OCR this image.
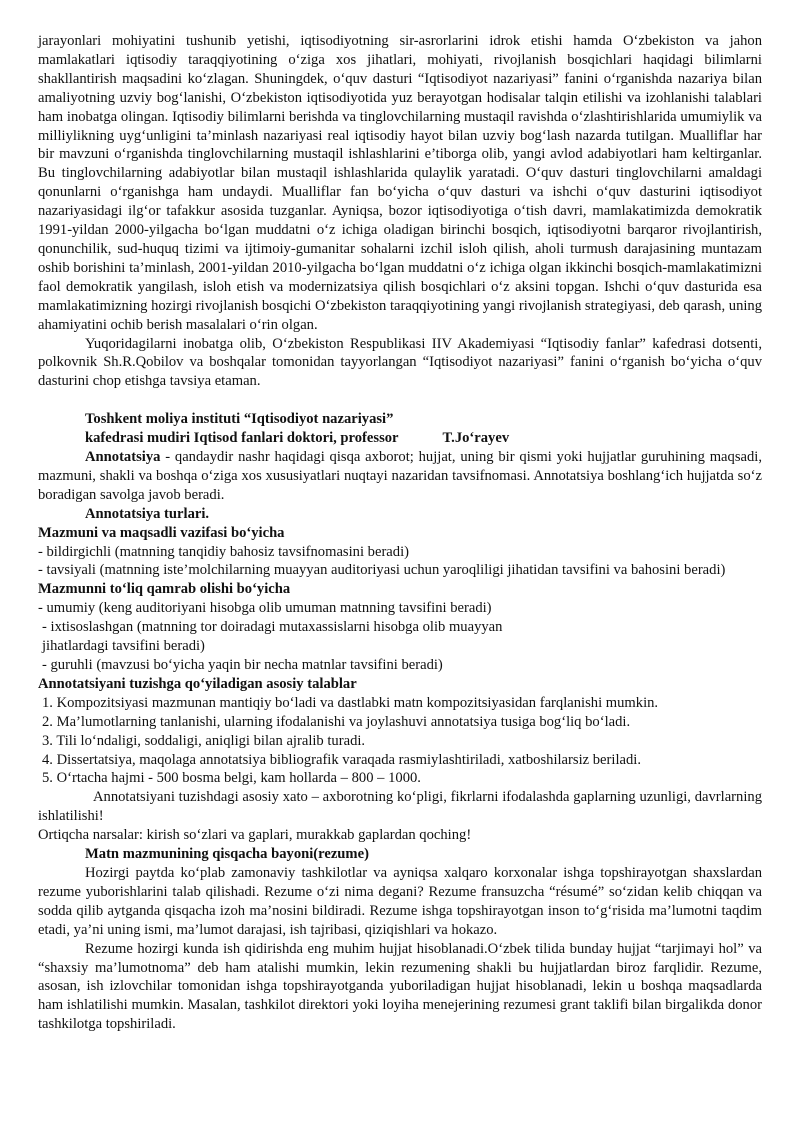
jarayonlari mohiyatini tushunib yetishi, iqtisodiyotning sir-asrorlarini idrok etishi hamda O‘zbekiston va jahon mamlakatlari iqtisodiy taraqqiyotining o‘ziga xos jihatlari, mohiyati, rivojlanish bosqichlari haqidagi bilimlarni shakllantirish maqsadini ko‘zlagan. Shuningdek, o‘quv dasturi “Iqtisodiyot nazariyasi” fanini o‘rganishda nazariya bilan amaliyotning uzviy bog‘lanishi, O‘zbekiston iqtisodiyotida yuz berayotgan hodisalar talqin etilishi va izohlanishi talablari ham inobatga olingan. Iqtisodiy bilimlarni berishda va tinglovchilarning mustaqil ravishda o‘zlashtirishlarida umumiylik va milliylikning uyg‘unligini ta’minlash nazariyasi real iqtisodiy hayot bilan uzviy bog‘lash nazarda tutilgan. Mualliflar har bir mavzuni o‘rganishda tinglovchilarning mustaqil ishlashlarini e’tiborga olib, yangi avlod adabiyotlari ham keltirganlar. Bu tinglovchilarning adabiyotlar bilan mustaqil ishlashlarida qulaylik yaratadi. O‘quv dasturi tinglovchilarni amaldagi qonunlarni o‘rganishga ham undaydi. Mualliflar fan bo‘yicha o‘quv dasturi va ishchi o‘quv dasturini iqtisodiyot nazariyasidagi ilg‘or tafakkur asosida tuzganlar. Ayniqsa, bozor iqtisodiyotiga o‘tish davri, mamlakatimizda demokratik 1991-yildan 2000-yilgacha bo‘lgan muddatni o‘z ichiga oladigan birinchi bosqich, iqtisodiyotni barqaror rivojlantirish, qonunchilik, sud-huquq tizimi va ijtimoiy-gumanitar sohalarni izchil isloh qilish, aholi turmush darajasining muntazam oshib borishini ta’minlash, 2001-yildan 2010-yilgacha bo‘lgan muddatni o‘z ichiga olgan ikkinchi bosqich-mamlakatimizni faol demokratik yangilash, isloh etish va modernizatsiya qilish bosqichlari o‘z aksini topgan. Ishchi o‘quv dasturida esa mamlakatimizning hozirgi rivojlanish bosqichi O‘zbekiston taraqqiyotining yangi rivojlanish strategiyasi, deb qarash, uning ahamiyatini ochib berish masalalari o‘rin olgan.

Yuqoridagilarni inobatga olib, O‘zbekiston Respublikasi IIV Akademiyasi “Iqtisodiy fanlar” kafedrasi dotsenti, polkovnik Sh.R.Qobilov va boshqalar tomonidan tayyorlangan “Iqtisodiyot nazariyasi” fanini o‘rganish bo‘yicha o‘quv dasturini chop etishga tavsiya etaman.

Toshkent moliya instituti “Iqtisodiyot nazariyasi”

kafedrasi mudiri Iqtisod fanlari doktori, professor	T.Jo‘rayev

Annotatsiya - qandaydir nashr haqidagi qisqa axborot; hujjat, uning bir qismi yoki hujjatlar guruhining maqsadi, mazmuni, shakli va boshqa o‘ziga xos xususiyatlari nuqtayi nazaridan tavsifnomasi. Annotatsiya boshlang‘ich hujjatda so‘z boradigan savolga javob beradi.

Annotatsiya turlari.

Mazmuni va maqsadli vazifasi bo‘yicha

- bildirgichli (matnning tanqidiy bahosiz tavsifnomasini beradi)

- tavsiyali (matnning iste’molchilarning muayyan auditoriyasi uchun yaroqliligi jihatidan tavsifini va bahosini beradi)

Mazmunni to‘liq qamrab olishi bo‘yicha

- umumiy (keng auditoriyani hisobga olib umuman matnning tavsifini beradi)

- ixtisoslashgan (matnning tor doiradagi mutaxassislarni hisobga olib muayyan

jihatlardagi tavsifini beradi)

- guruhli (mavzusi bo‘yicha yaqin bir necha matnlar tavsifini beradi)

Annotatsiyani tuzishga qo‘yiladigan asosiy talablar

1. Kompozitsiyasi mazmunan mantiqiy bo‘ladi va dastlabki matn kompozitsiyasidan farqlanishi mumkin.

2. Ma’lumotlarning tanlanishi, ularning ifodalanishi va joylashuvi annotatsiya tusiga bog‘liq bo‘ladi.

3. Tili lo‘ndaligi, soddaligi, aniqligi bilan ajralib turadi.

4. Dissertatsiya, maqolaga annotatsiya bibliografik varaqada rasmiylashtiriladi, xatboshilarsiz beriladi.

5. O‘rtacha hajmi - 500 bosma belgi, kam hollarda – 800 – 1000.

Annotatsiyani tuzishdagi asosiy xato – axborotning ko‘pligi, fikrlarni ifodalashda gaplarning uzunligi, davrlarning ishlatilishi!

Ortiqcha narsalar: kirish so‘zlari va gaplari, murakkab gaplardan qoching!

Matn mazmunining qisqacha bayoni(rezume)

Hozirgi paytda ko‘plab zamonaviy tashkilotlar va ayniqsa xalqaro korxonalar ishga topshirayotgan shaxslardan rezume yuborishlarini talab qilishadi. Rezume o‘zi nima degani? Rezume fransuzcha “résumé” so‘zidan kelib chiqqan va sodda qilib aytganda qisqacha izoh ma’nosini bildiradi. Rezume ishga topshirayotgan inson to‘g‘risida ma’lumotni taqdim etadi, ya’ni uning ismi, ma’lumot darajasi, ish tajribasi, qiziqishlari va hokazo.

Rezume hozirgi kunda ish qidirishda eng muhim hujjat hisoblanadi.O‘zbek tilida bunday hujjat “tarjimayi hol” va “shaxsiy ma’lumotnoma” deb ham atalishi mumkin, lekin rezumening shakli bu hujjatlardan biroz farqlidir. Rezume, asosan, ish izlovchilar tomonidan ishga topshirayotganda yuboriladigan hujjat hisoblanadi, lekin u boshqa maqsadlarda ham ishlatilishi mumkin. Masalan, tashkilot direktori yoki loyiha menejerining rezumesi grant taklifi bilan birgalikda donor tashkilotga topshiriladi.
